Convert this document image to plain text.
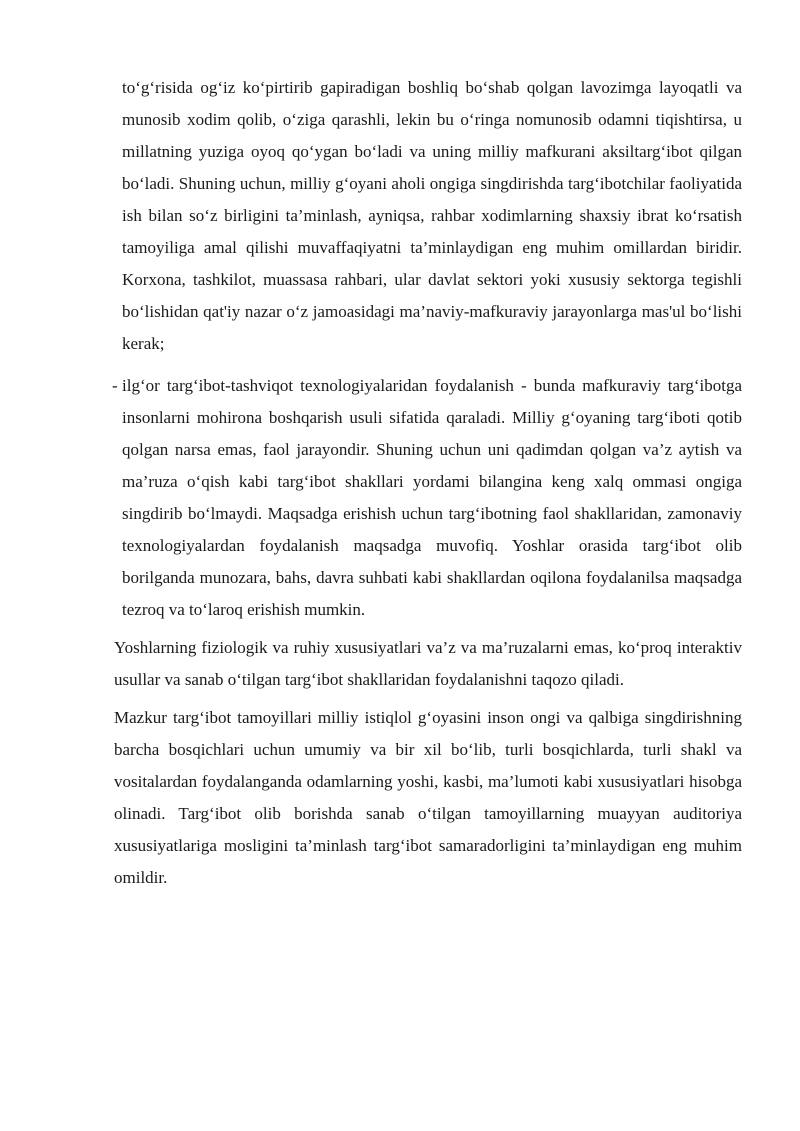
to‘g‘risida og‘iz ko‘pirtirib gapiradigan boshliq bo‘shab qolgan lavozimga layoqatli va munosib xodim qolib, o‘ziga qarashli, lekin bu o‘ringa nomunosib odamni tiqishtirsa, u millatning yuziga oyoq qo‘ygan bo‘ladi va uning milliy mafkurani aksiltarg‘ibot qilgan bo‘ladi. Shuning uchun, milliy g‘oyani aholi ongiga singdirishda targ‘ibotchilar faoliyatida ish bilan so‘z birligini ta’minlash, ayniqsa, rahbar xodimlarning shaxsiy ibrat ko‘rsatish tamoyiliga amal qilishi muvaffaqiyatni ta’minlaydigan eng muhim omillardan biridir. Korxona, tashkilot, muassasa rahbari, ular davlat sektori yoki xususiy sektorga tegishli bo‘lishidan qat'iy nazar o‘z jamoasidagi ma’naviy-mafkuraviy jarayonlarga mas'ul bo‘lishi kerak;

- ilg‘or targ‘ibot-tashviqot texnologiyalaridan foydalanish - bunda mafkuraviy targ‘ibotga insonlarni mohirona boshqarish usuli sifatida qaraladi. Milliy g‘oyaning targ‘iboti qotib qolgan narsa emas, faol jarayondir. Shuning uchun uni qadimdan qolgan va’z aytish va ma’ruza o‘qish kabi targ‘ibot shakllari yordami bilangina keng xalq ommasi ongiga singdirib bo‘lmaydi. Maqsadga erishish uchun targ‘ibotning faol shakllaridan, zamonaviy texnologiyalardan foydalanish maqsadga muvofiq. Yoshlar orasida targ‘ibot olib borilganda munozara, bahs, davra suhbati kabi shakllardan oqilona foydalanilsa maqsadga tezroq va to‘laroq erishish mumkin.

Yoshlarning fiziologik va ruhiy xususiyatlari va’z va ma’ruzalarni emas, ko‘proq interaktiv usullar va sanab o‘tilgan targ‘ibot shakllaridan foydalanishni taqozo qiladi.

Mazkur targ‘ibot tamoyillari milliy istiqlol g‘oyasini inson ongi va qalbiga singdirishning barcha bosqichlari uchun umumiy va bir xil bo‘lib, turli bosqichlarda, turli shakl va vositalardan foydalanganda odamlarning yoshi, kasbi, ma’lumoti kabi xususiyatlari hisobga olinadi. Targ‘ibot olib borishda sanab o‘tilgan tamoyillarning muayyan auditoriya xususiyatlariga mosligini ta’minlash targ‘ibot samaradorligini ta’minlaydigan eng muhim omildir.
